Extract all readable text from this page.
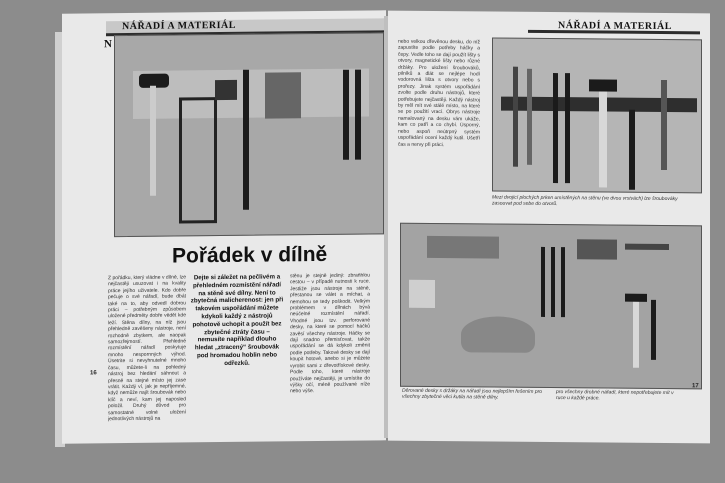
NÁŘADÍ A MATERIÁL
N
Pořádek v dílně
Z pořádku, který vládne v dílně, lze nejčastěji usuzovat i na kvality práce jejího uživatele. Kdo dobře pečuje o své nářadí, bude dbát také na to, aby odvedl dobrou práci – potřebným způsobem uložené předměty dobře vědět kde leží. Stěna dílny, na níž jsou přehledně zavěšeny nástroje, není rozhodně zbytkem, ale naopak samozřejmostí. Přehledné rozmístění nářadí poskytuje mnoho nespornných výhod. Úsetrite si nevyhnutelné mnoho času, můžete-li na pohledný nástroj bez hledání sáhnout a přesně na stejné místo jej zase vrátit. Každý ví, jak je nepříjemné, když nemůže najít šroubovák nebo klíč a neví, kam jej naposled položil. Druhý důvod pro samostatné volné uložení jednotlivých nástrojů na
Dejte si záležet na pečlivém a přehledném rozmístění nářadí na stěně své dílny. Není to zbytečná malicherenost: jen při takovém uspořádání můžete kdykoli každý z nástrojů pohotově uchopit a použít bez zbytečné ztráty času – nemusíte například dlouho hledat „ztracený“ šroubovák pod hromadou hoblin nebo odřezků.
stěnu je stejně jediný: zbraňhlou cestou – v případě nutnosti k ruce. Jestliže jsou nástroje na stěně, přestanou se válet a míchat, a nemohou se tedy poškodit. Velkým problémem v dílnách bývá neúčelné rozmístění nářadí. Vhodné jsou tzv. perforované desky, na které se pomocí háčků zavěsí všechny nástroje. Háčky se dají snadno přemisťovat, takže uspořádání se dá kdykoli změnit podle potřeby. Takové desky se dají koupit hotové, anebo si je můžete vyrobit sami z dřevotřískové desky. Podle toho, které nástroje používáte nejčastěji, je umístíte do výšky očí, méně používané níže nebo výše.
16
NÁŘADÍ A MATERIÁL
nebo velkou dřevěnou desku, do níž zapustíte podle potřeby háčky a čepy. Vedle toho se dají použít lišty s otvory, magnetické lišty nebo různé držáky. Pro uložení šroubováků, pilníků a dlát se nejlépe hodí vodorovná lišta s otvory nebo s prořezy. Jinak systém uspořádání zvolte podle druhu nástrojů, které potřebujete nejčastěji. Každý nástroj by měl mít své stálé místo, na které se po použití vrací. Obrys nástroje namalovaný na desku vám ukáže, kam co patří a co chybí. Úsporný, nebo aspoň neútrpný systém uspořádání ocení každý kutil. Ušetří čas a nervy při práci.
Mezi dvojicí plochých prken umístěných na stěnu (ve dvou vrstvách) lze šroubováky zasouvat pod sebe do otvorů.
Děrované desky s držáky na nářadí jsou nejlepším řešením pro všechny zbytečné věci kutila na stěně dílny.
pro všechny drobné nářadí, které nepotřebujete mít v ruce u každé práce.
17
